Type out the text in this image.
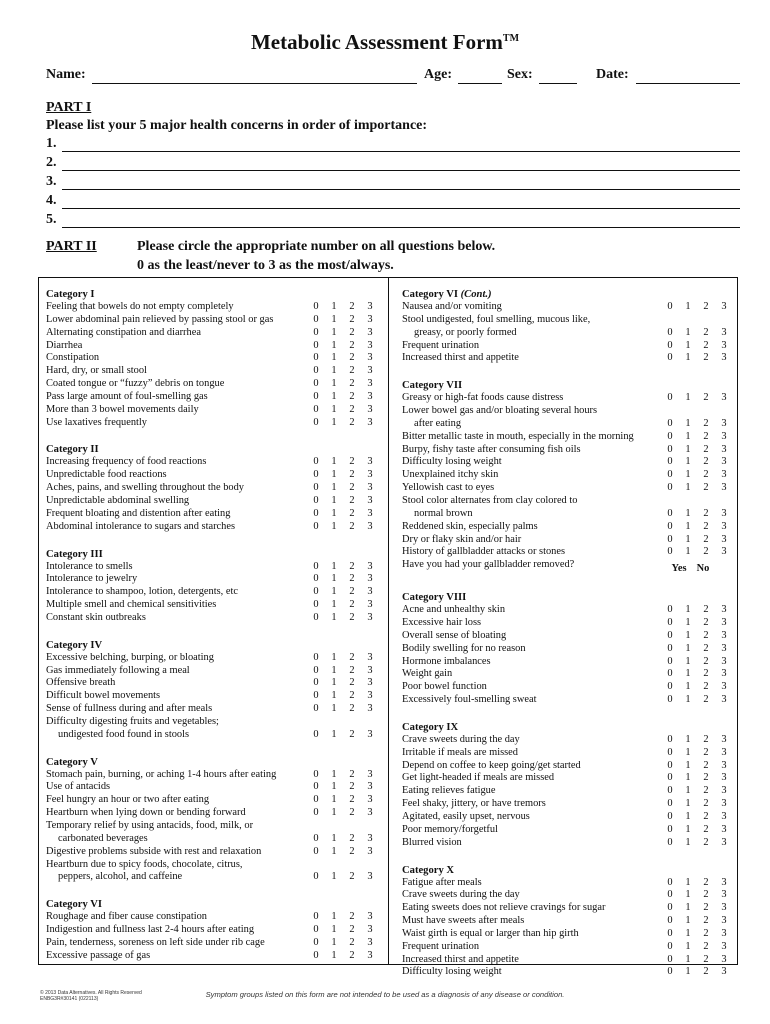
Metabolic Assessment Form™
Name:	Age:	Sex:	Date:
PART I
Please list your 5 major health concerns in order of importance:
1.
2.
3.
4.
5.
PART II	Please circle the appropriate number on all questions below.
0 as the least/never to 3 as the most/always.
Category I
Feeling that bowels do not empty completely	0 1 2 3
Lower abdominal pain relieved by passing stool or gas	0 1 2 3
Alternating constipation and diarrhea	0 1 2 3
Diarrhea	0 1 2 3
Constipation	0 1 2 3
Hard, dry, or small stool	0 1 2 3
Coated tongue or “fuzzy” debris on tongue	0 1 2 3
Pass large amount of foul-smelling gas	0 1 2 3
More than 3 bowel movements daily	0 1 2 3
Use laxatives frequently	0 1 2 3
Category II
Increasing frequency of food reactions	0 1 2 3
Unpredictable food reactions	0 1 2 3
Aches, pains, and swelling throughout the body	0 1 2 3
Unpredictable abdominal swelling	0 1 2 3
Frequent bloating and distention after eating	0 1 2 3
Abdominal intolerance to sugars and starches	0 1 2 3
Category III
Intolerance to smells	0 1 2 3
Intolerance to jewelry	0 1 2 3
Intolerance to shampoo, lotion, detergents, etc	0 1 2 3
Multiple smell and chemical sensitivities	0 1 2 3
Constant skin outbreaks	0 1 2 3
Category IV
Excessive belching, burping, or bloating	0 1 2 3
Gas immediately following a meal	0 1 2 3
Offensive breath	0 1 2 3
Difficult bowel movements	0 1 2 3
Sense of fullness during and after meals	0 1 2 3
Difficulty digesting fruits and vegetables;
undigested food found in stools	0 1 2 3
Category V
Stomach pain, burning, or aching 1-4 hours after eating	0 1 2 3
Use of antacids	0 1 2 3
Feel hungry an hour or two after eating	0 1 2 3
Heartburn when lying down or bending forward	0 1 2 3
Temporary relief by using antacids, food, milk, or
carbonated beverages	0 1 2 3
Digestive problems subside with rest and relaxation	0 1 2 3
Heartburn due to spicy foods, chocolate, citrus,
peppers, alcohol, and caffeine	0 1 2 3
Category VI
Roughage and fiber cause constipation	0 1 2 3
Indigestion and fullness last 2-4 hours after eating	0 1 2 3
Pain, tenderness, soreness on left side under rib cage	0 1 2 3
Excessive passage of gas	0 1 2 3
Category VI (Cont.)
Nausea and/or vomiting	0 1 2 3
Stool undigested, foul smelling, mucous like,
greasy, or poorly formed	0 1 2 3
Frequent urination	0 1 2 3
Increased thirst and appetite	0 1 2 3
Category VII
Greasy or high-fat foods cause distress	0 1 2 3
Lower bowel gas and/or bloating several hours
after eating	0 1 2 3
Bitter metallic taste in mouth, especially in the morning	0 1 2 3
Burpy, fishy taste after consuming fish oils	0 1 2 3
Difficulty losing weight	0 1 2 3
Unexplained itchy skin	0 1 2 3
Yellowish cast to eyes	0 1 2 3
Stool color alternates from clay colored to
normal brown	0 1 2 3
Reddened skin, especially palms	0 1 2 3
Dry or flaky skin and/or hair	0 1 2 3
History of gallbladder attacks or stones	0 1 2 3
Have you had your gallbladder removed?	Yes No
Category VIII
Acne and unhealthy skin	0 1 2 3
Excessive hair loss	0 1 2 3
Overall sense of bloating	0 1 2 3
Bodily swelling for no reason	0 1 2 3
Hormone imbalances	0 1 2 3
Weight gain	0 1 2 3
Poor bowel function	0 1 2 3
Excessively foul-smelling sweat	0 1 2 3
Category IX
Crave sweets during the day	0 1 2 3
Irritable if meals are missed	0 1 2 3
Depend on coffee to keep going/get started	0 1 2 3
Get light-headed if meals are missed	0 1 2 3
Eating relieves fatigue	0 1 2 3
Feel shaky, jittery, or have tremors	0 1 2 3
Agitated, easily upset, nervous	0 1 2 3
Poor memory/forgetful	0 1 2 3
Blurred vision	0 1 2 3
Category X
Fatigue after meals	0 1 2 3
Crave sweets during the day	0 1 2 3
Eating sweets does not relieve cravings for sugar	0 1 2 3
Must have sweets after meals	0 1 2 3
Waist girth is equal or larger than hip girth	0 1 2 3
Frequent urination	0 1 2 3
Increased thirst and appetite	0 1 2 3
Difficulty losing weight	0 1 2 3
© 2013 Data Alternatives. All Rights Reserved
ENBG3R#30141 (022113)	Symptom groups listed on this form are not intended to be used as a diagnosis of any disease or condition.
